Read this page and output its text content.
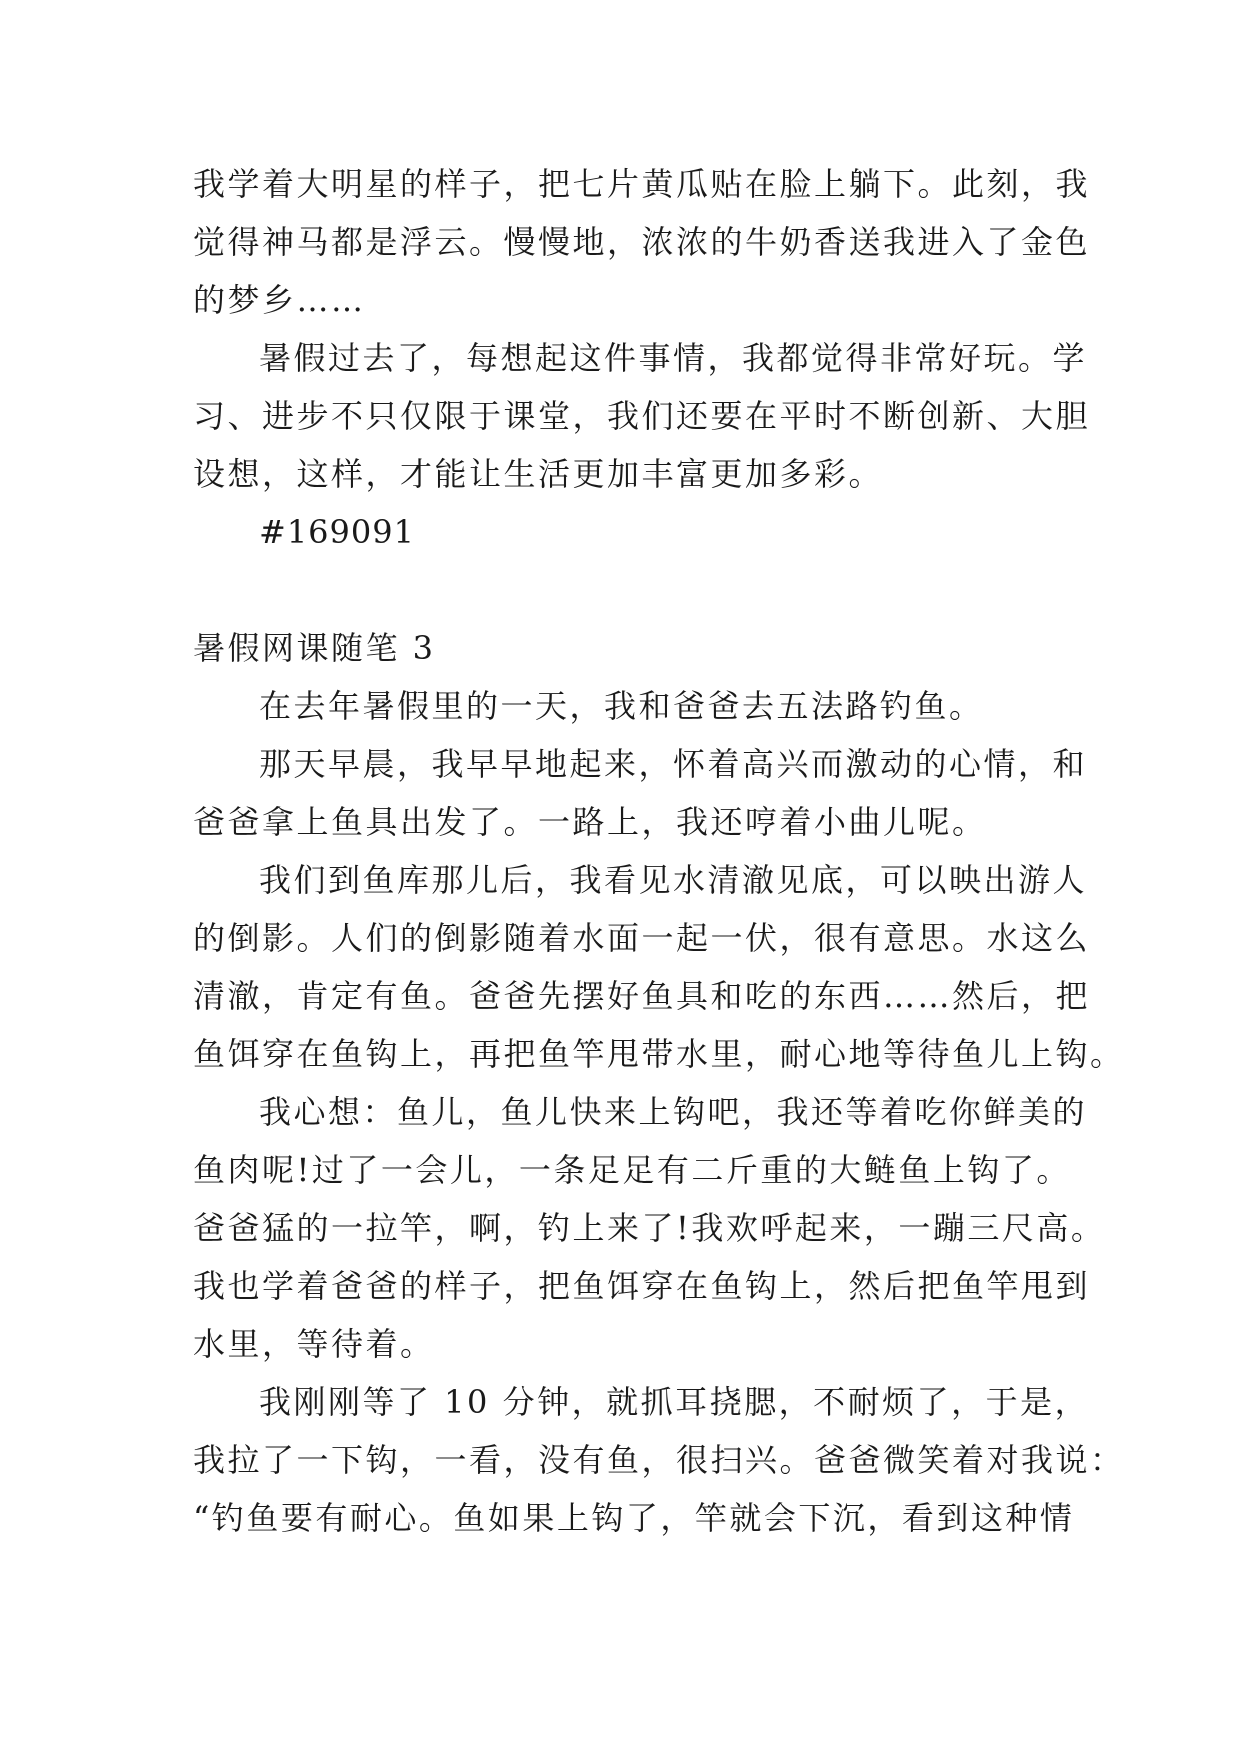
我学着大明星的样子，把七片黄瓜贴在脸上躺下。此刻，我
觉得神马都是浮云。慢慢地，浓浓的牛奶香送我进入了金色
的梦乡……
暑假过去了，每想起这件事情，我都觉得非常好玩。学
习、进步不只仅限于课堂，我们还要在平时不断创新、大胆
设想，这样，才能让生活更加丰富更加多彩。
#169091
暑假网课随笔 3
在去年暑假里的一天，我和爸爸去五法路钓鱼。
那天早晨，我早早地起来，怀着高兴而激动的心情，和
爸爸拿上鱼具出发了。一路上，我还哼着小曲儿呢。
我们到鱼库那儿后，我看见水清澈见底，可以映出游人
的倒影。人们的倒影随着水面一起一伏，很有意思。水这么
清澈，肯定有鱼。爸爸先摆好鱼具和吃的东西……然后，把
鱼饵穿在鱼钩上，再把鱼竿甩带水里，耐心地等待鱼儿上钩。
我心想：鱼儿，鱼儿快来上钩吧，我还等着吃你鲜美的
鱼肉呢!过了一会儿，一条足足有二斤重的大鲢鱼上钩了。
爸爸猛的一拉竿，啊，钓上来了!我欢呼起来，一蹦三尺高。
我也学着爸爸的样子，把鱼饵穿在鱼钩上，然后把鱼竿甩到
水里，等待着。
我刚刚等了 10 分钟，就抓耳挠腮，不耐烦了，于是，
我拉了一下钩，一看，没有鱼，很扫兴。爸爸微笑着对我说：
“钓鱼要有耐心。鱼如果上钩了，竿就会下沉，看到这种情
